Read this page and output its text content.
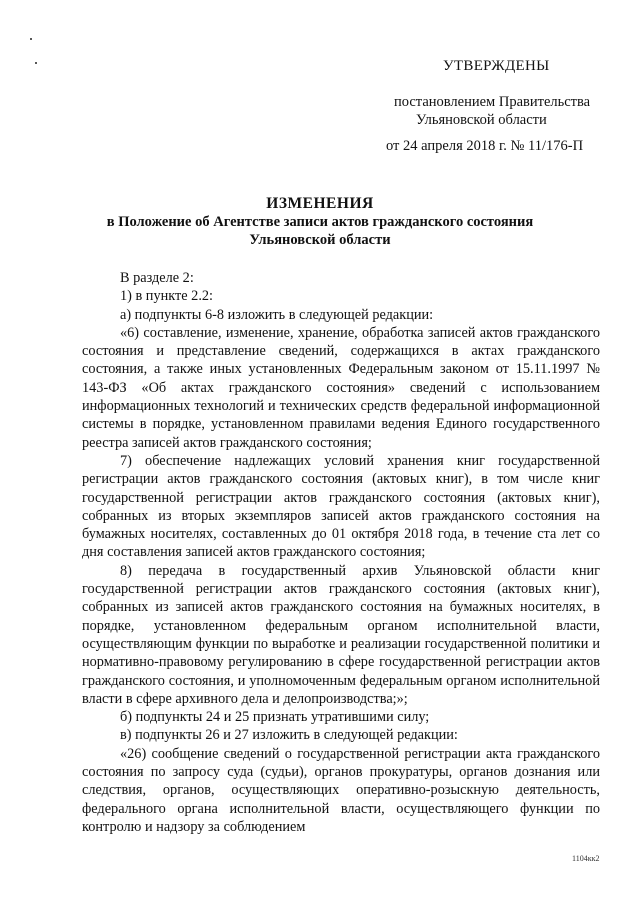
УТВЕРЖДЕНЫ
постановлением Правительства
Ульяновской области
от 24 апреля 2018 г. № 11/176-П
ИЗМЕНЕНИЯ
в Положение об Агентстве записи актов гражданского состояния
Ульяновской области

В разделе 2:

1) в пункте 2.2:

а) подпункты 6-8 изложить в следующей редакции:

«6) составление, изменение, хранение, обработка записей актов гражданского состояния и представление сведений, содержащихся в актах гражданского состояния, а также иных установленных Федеральным законом от 15.11.1997 № 143-ФЗ «Об актах гражданского состояния» сведений с использованием информационных технологий и технических средств федеральной информационной системы в порядке, установленном правилами ведения Единого государственного реестра записей актов гражданского состояния;

7) обеспечение надлежащих условий хранения книг государственной регистрации актов гражданского состояния (актовых книг), в том числе книг государственной регистрации актов гражданского состояния (актовых книг), собранных из вторых экземпляров записей актов гражданского состояния на бумажных носителях, составленных до 01 октября 2018 года, в течение ста лет со дня составления записей актов гражданского состояния;

8) передача в государственный архив Ульяновской области книг государственной регистрации актов гражданского состояния (актовых книг), собранных из записей актов гражданского состояния на бумажных носителях, в порядке, установленном федеральным органом исполнительной власти, осуществляющим функции по выработке и реализации государственной политики и нормативно-правовому регулированию в сфере государственной регистрации актов гражданского состояния, и уполномоченным федеральным органом исполнительной власти в сфере архивного дела и делопроизводства;»;

б) подпункты 24 и 25 признать утратившими силу;

в) подпункты 26 и 27 изложить в следующей редакции:

«26) сообщение сведений о государственной регистрации акта гражданского состояния по запросу суда (судьи), органов прокуратуры, органов дознания или следствия, органов, осуществляющих оперативно-розыскную деятельность, федерального органа исполнительной власти, осуществляющего функции по контролю и надзору за соблюдением

1104кк2
